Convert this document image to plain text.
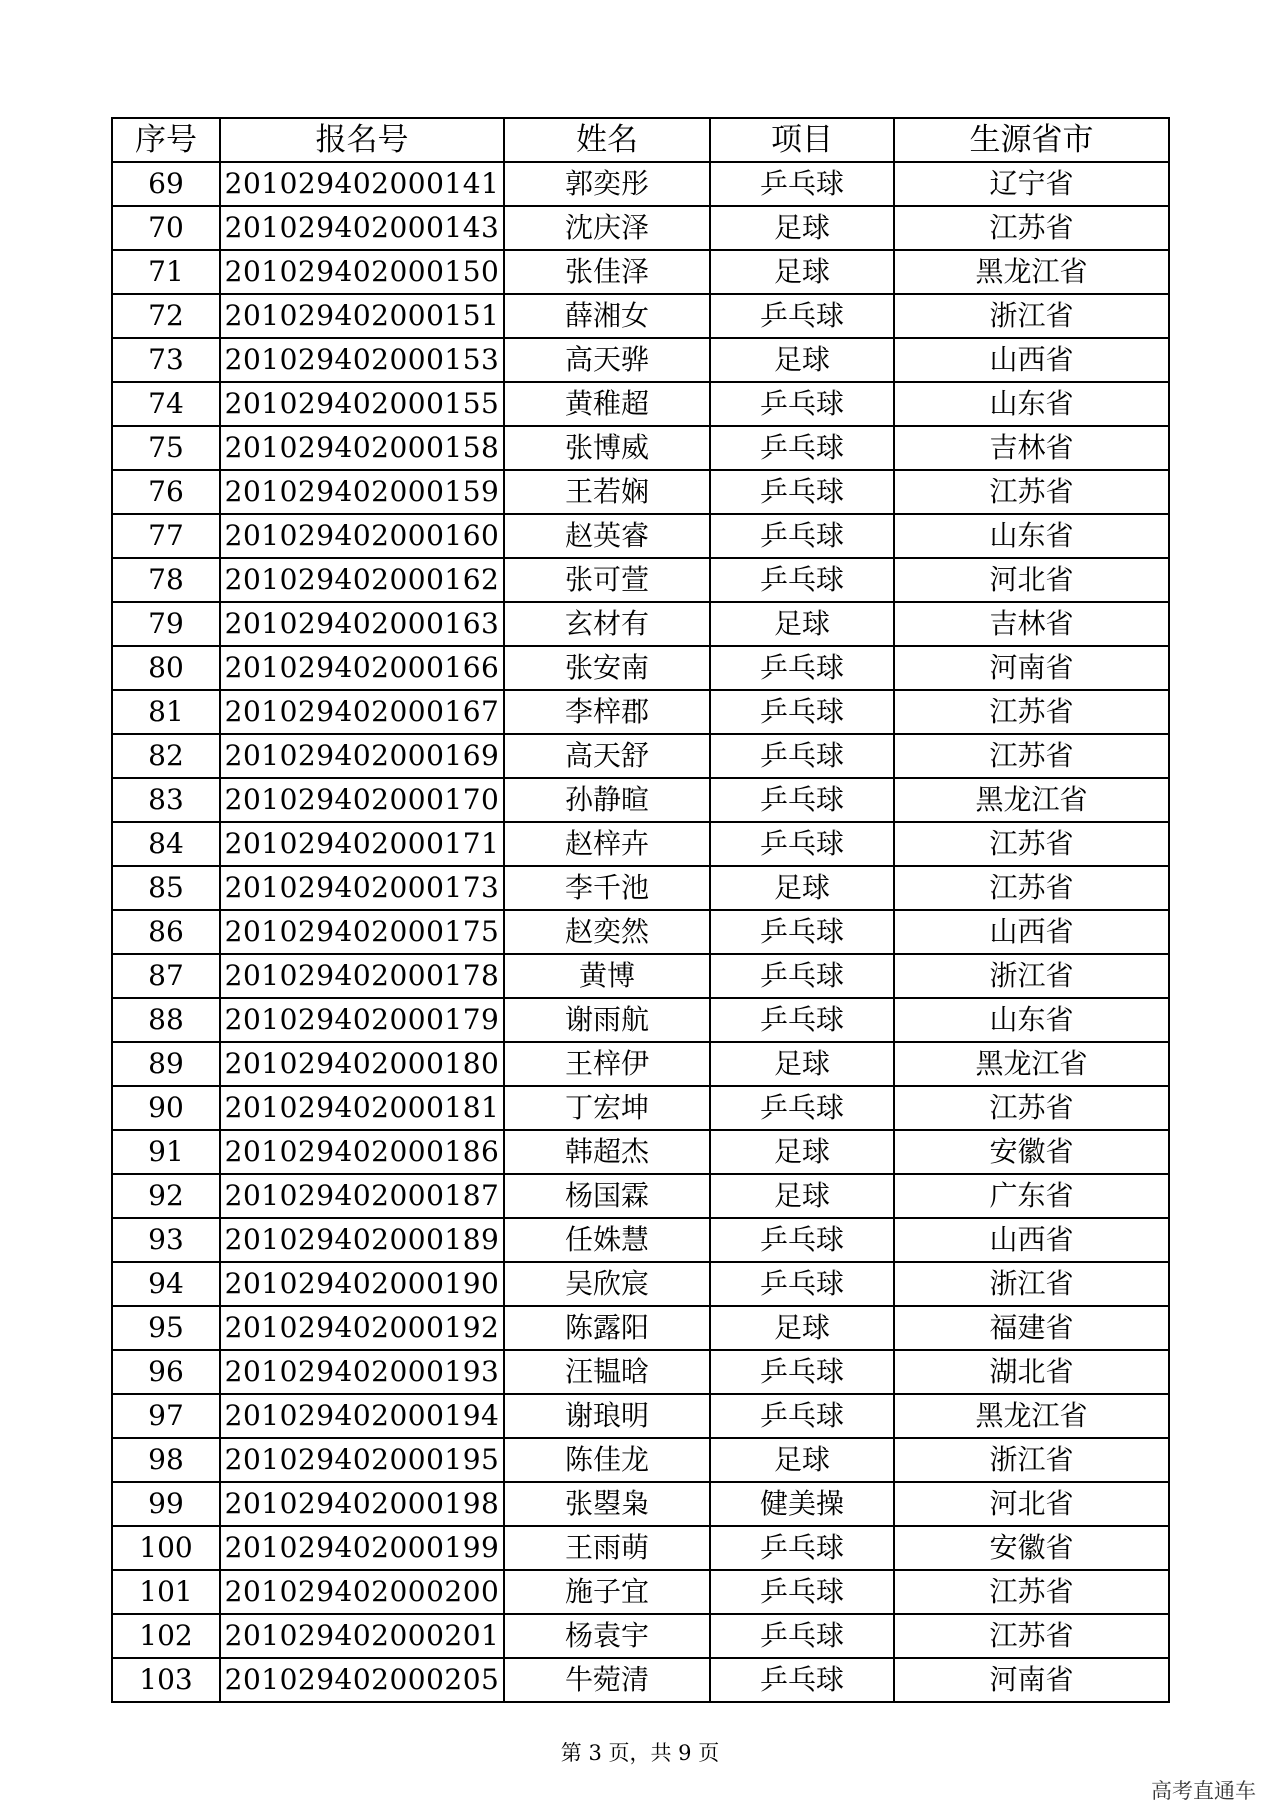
序号	报名号	姓名	项目	生源省市
69	201029402000141	郭奕彤	乒乓球	辽宁省
70	201029402000143	沈庆泽	足球	江苏省
71	201029402000150	张佳泽	足球	黑龙江省
72	201029402000151	薛湘女	乒乓球	浙江省
73	201029402000153	高天骅	足球	山西省
74	201029402000155	黄稚超	乒乓球	山东省
75	201029402000158	张博威	乒乓球	吉林省
76	201029402000159	王若娴	乒乓球	江苏省
77	201029402000160	赵英睿	乒乓球	山东省
78	201029402000162	张可萱	乒乓球	河北省
79	201029402000163	玄材有	足球	吉林省
80	201029402000166	张安南	乒乓球	河南省
81	201029402000167	李梓郡	乒乓球	江苏省
82	201029402000169	高天舒	乒乓球	江苏省
83	201029402000170	孙静暄	乒乓球	黑龙江省
84	201029402000171	赵梓卉	乒乓球	江苏省
85	201029402000173	李千池	足球	江苏省
86	201029402000175	赵奕然	乒乓球	山西省
87	201029402000178	黄博	乒乓球	浙江省
88	201029402000179	谢雨航	乒乓球	山东省
89	201029402000180	王梓伊	足球	黑龙江省
90	201029402000181	丁宏坤	乒乓球	江苏省
91	201029402000186	韩超杰	足球	安徽省
92	201029402000187	杨国霖	足球	广东省
93	201029402000189	任姝慧	乒乓球	山西省
94	201029402000190	吴欣宸	乒乓球	浙江省
95	201029402000192	陈露阳	足球	福建省
96	201029402000193	汪韫晗	乒乓球	湖北省
97	201029402000194	谢琅明	乒乓球	黑龙江省
98	201029402000195	陈佳龙	足球	浙江省
99	201029402000198	张曌枭	健美操	河北省
100	201029402000199	王雨萌	乒乓球	安徽省
101	201029402000200	施子宜	乒乓球	江苏省
102	201029402000201	杨袁宇	乒乓球	江苏省
103	201029402000205	牛菀清	乒乓球	河南省
第 3 页，共 9 页
高考直通车
